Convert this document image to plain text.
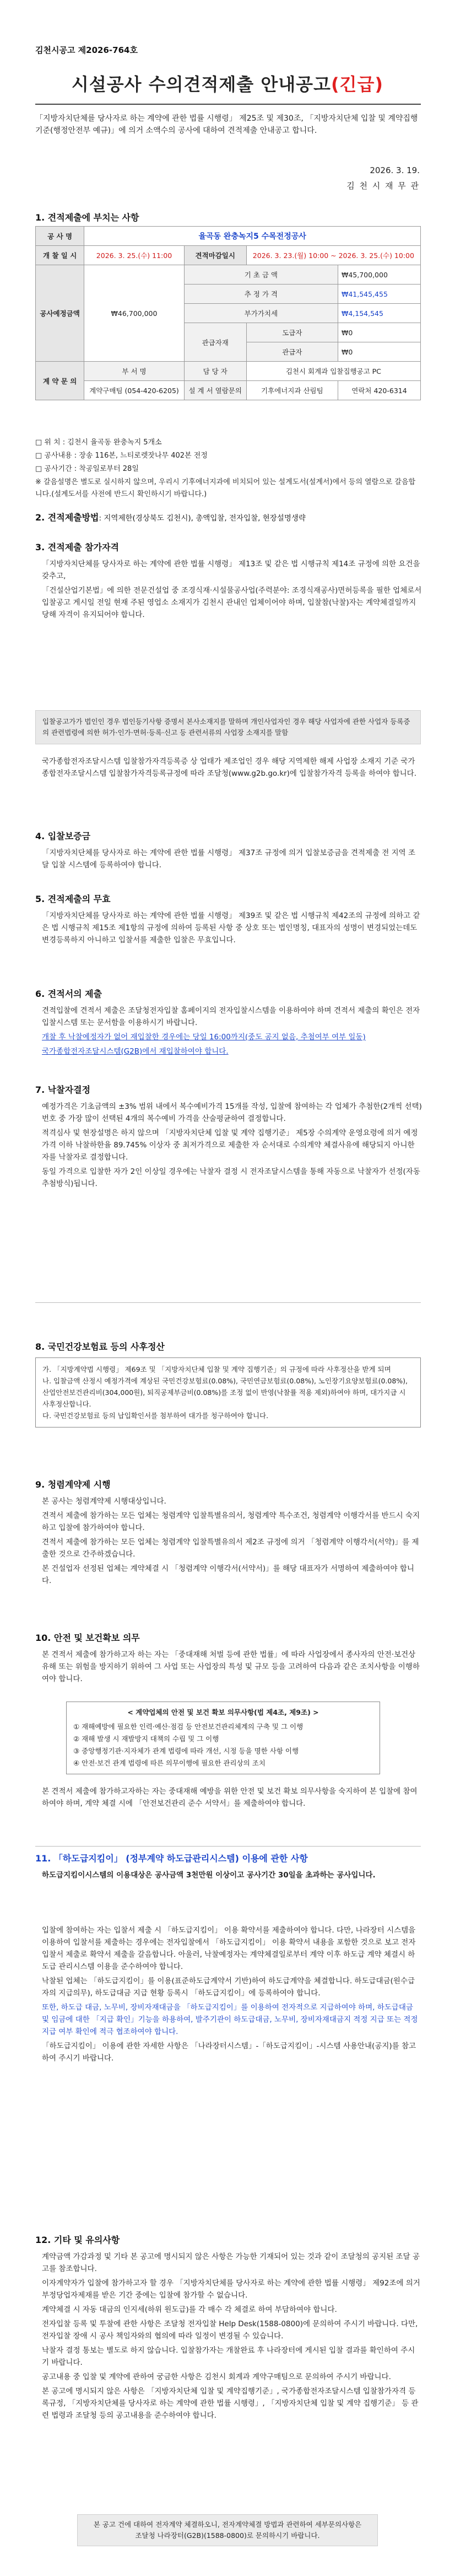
김천시공고 제2026-764호
시설공사 수의견적제출 안내공고(긴급)
「지방자치단체를 당사자로 하는 계약에 관한 법률 시행령」 제25조 및 제30조, 「지방자치단체 입찰 및 계약집행기준(행정안전부 예규)」에 의거 소액수의 공사에 대하여 견적제출 안내공고 합니다.
2026. 3. 19.
김 천 시 재 무 관
1. 견적제출에 부치는 사항
공 사 명	율곡동 완충녹지5 수목전정공사			
개 찰 일 시	2026. 3. 25.(수) 11:00	견적마감일시	2026. 3. 23.(월) 10:00 ~ 2026. 3. 25.(수) 10:00	
공사예정금액	₩46,700,000	기 초 금 액		₩45,700,000
		추 정 가 격		₩41,545,455
		부가가치세		₩4,154,545
		관급자재	도급자	₩0
			관급자	₩0
계 약 문 의	부 서 명	담 당 자	김천시 회계과 입찰집행공고 PC	
	계약구매팀 (054-420-6205)	설 계 서 열람문의	기후에너지과 산림팀	연락처 420-6314
□ 위 치 : 김천시 율곡동 완충녹지 5개소
□ 공사내용 : 장송 116본, 느티로렛잣나무 402본 전정
□ 공사기간 : 착공일로부터 28일
※ 갈음설명은 별도로 실시하지 않으며, 우리시 기후에너지과에 비치되어 있는 설계도서(설계서)에서 등의 열람으로 갈음합니다.(설계도서를 사전에 반드시 확인하시기 바랍니다.)
2. 견적제출방법: 지역제한(경상북도 김천시), 총액입찰, 전자입찰, 현장설명생략
3. 견적제출 참가자격
「지방자치단체를 당사자로 하는 계약에 관한 법률 시행령」 제13조 및 같은 법 시행규칙 제14조 규정에 의한 요건을 갖추고,
「건설산업기본법」에 의한 전문건설업 중 조경식재·시설물공사업(주력분야: 조경식재공사)면허등록을 필한 업체로서 입찰공고 게시일 전일 현재 주된 영업소 소재지가 김천시 관내인 업체이어야 하며, 입찰참(낙찰)자는 계약체결일까지 당해 자격이 유지되어야 합니다.
입찰공고가가 법인인 경우 법인등기사항 증명서 본사소재지를 말하며 개인사업자인 경우 해당 사업자에 관한 사업자 등록증의 관련법령에 의한 허가·인가·면허·등록·신고 등 관련서류의 사업장 소재지를 말함
국가종합전자조달시스템 입찰참가자격등록증 상 업태가 제조업인 경우 해당 지역제한 해제 사업장 소재지 기준 국가종합전자조달시스템 입찰참가자격등록규정에 따라 조달청(www.g2b.go.kr)에 입찰참가자격 등록을 하여야 합니다.
4. 입찰보증금
「지방자치단체를 당사자로 하는 계약에 관한 법률 시행령」 제37조 규정에 의거 입찰보증금을 견적제출 전 지역 조달 입찰 시스템에 등록하여야 합니다.
5. 견적제출의 무효
「지방자치단체를 당사자로 하는 계약에 관한 법률 시행령」 제39조 및 같은 법 시행규칙 제42조의 규정에 의하고 같은 법 시행규칙 제15조 제1항의 규정에 의하여 등록된 사항 중 상호 또는 법인명칭, 대표자의 성명이 변경되었는데도 변경등록하지 아니하고 입찰서를 제출한 입찰은 무효입니다.
6. 견적서의 제출
견적입찰에 견적서 제출은 조달청전자입찰 홈페이지의 전자입찰시스템을 이용하여야 하며 견적서 제출의 확인은 전자입찰시스템 또는 문서함을 이용하시기 바랍니다.
개찰 후 낙찰예정자가 없어 재입찰한 경우에는 당일 16:00까지(중도 공지 없음, 추첨여부 여부 일동)
국가종합전자조달시스템(G2B)에서 재입찰하여야 합니다.
7. 낙찰자결정
예정가격은 기초금액의 ±3% 범위 내에서 복수예비가격 15개를 작성, 입찰에 참여하는 각 업체가 추첨한(2개씩 선택) 번호 중 가장 많이 선택된 4개의 복수예비 가격을 산술평균하여 결정합니다.
적격심사 및 현장설명은 하지 않으며 「지방자치단체 입찰 및 계약 집행기준」 제5장 수의계약 운영요령에 의거 예정가격 이하 낙찰하한율 89.745% 이상자 중 최저가격으로 제출한 자 순서대로 수의계약 체결사유에 해당되지 아니한 자를 낙찰자로 결정합니다.
동일 가격으로 입찰한 자가 2인 이상일 경우에는 낙찰자 결정 시 전자조달시스템을 통해 자동으로 낙찰자가 선정(자동추첨방식)됩니다.
8. 국민건강보험료 등의 사후정산
가. 「지방계약법 시행령」 제69조 및 「지방자치단체 입찰 및 계약 집행기준」의 규정에 따라 사후정산을 받게 되며
나. 입찰금액 산정시 예정가격에 계상된 국민건강보험료(0.08%), 국민연금보험료(0.08%), 노인장기요양보험료(0.08%), 산업안전보건관리비(304,000원), 퇴직공제부금비(0.08%)를 조정 없이 반영(낙찰률 적용 제외)하여야 하며, 대가지급 시 사후정산합니다.
다. 국민건강보험료 등의 납입확인서를 첨부하여 대가를 청구하여야 합니다.
9. 청렴계약제 시행
본 공사는 청렴계약제 시행대상입니다.
견적서 제출에 참가하는 모든 업체는 청렴계약 입찰특별유의서, 청렴계약 특수조건, 청렴계약 이행각서를 반드시 숙지하고 입찰에 참가하여야 합니다.
견적서 제출에 참가하는 모든 업체는 청렴계약 입찰특별유의서 제2조 규정에 의거 「청렴계약 이행각서(서약)」를 제출한 것으로 간주하겠습니다.
본 건설업자 선정된 업체는 계약체결 시 「청렴계약 이행각서(서약서)」를 해당 대표자가 서명하여 제출하여야 합니다.
10. 안전 및 보건확보 의무
본 견적서 제출에 참가하고자 하는 자는 「중대재해 처벌 등에 관한 법률」에 따라 사업장에서 종사자의 안전·보건상 유해 또는 위험을 방지하기 위하여 그 사업 또는 사업장의 특성 및 규모 등을 고려하여 다음과 같은 조치사항을 이행하여야 합니다.
< 계약업체의 안전 및 보건 확보 의무사항(법 제4조, 제9조) >
① 재해예방에 필요한 인력·예산·점검 등 안전보건관리체계의 구축 및 그 이행
② 재해 발생 시 재발방지 대책의 수립 및 그 이행
③ 중앙행정기관·지자체가 관계 법령에 따라 개선, 시정 등을 명한 사항 이행
④ 안전·보건 관계 법령에 따른 의무이행에 필요한 관리상의 조치
본 견적서 제출에 참가하고자하는 자는 중대재해 예방을 위한 안전 및 보건 확보 의무사항을 숙지하여 본 입찰에 참여하여야 하며, 계약 체결 시에 「안전보건관리 준수 서약서」를 제출하여야 합니다.
11. 「하도급지킴이」 (정부계약 하도급관리시스템) 이용에 관한 사항
하도급지킴이시스템의 이용대상은 공사금액 3천만원 이상이고 공사기간 30일을 초과하는 공사입니다.
입찰에 참여하는 자는 입찰서 제출 시 「하도급지킴이」 이용 확약서를 제출하여야 합니다. 다만, 나라장터 시스템을 이용하여 입찰서를 제출하는 경우에는 전자입찰에서 「하도급지킴이」 이용 확약서 내용을 포함한 것으로 보고 전자입찰서 제출로 확약서 제출을 갈음합니다. 아울러, 낙찰예정자는 계약체결일로부터 계약 이후 하도급 계약 체결시 하도급 관리시스템 이용을 준수하여야 합니다.
낙찰된 업체는 「하도급지킴이」를 이용(표준하도급계약서 기반)하여 하도급계약을 체결합니다. 하도급대금(원수급자의 지급의무), 하도급대금 지급 현황 등록시 「하도급지킴이」에 등록하여야 합니다.
또한, 하도급 대금, 노무비, 장비자재대금을 「하도급지킴이」를 이용하여 전자적으로 지급하여야 하며, 하도급대금 및 임금에 대한 「지급 확인」기능을 하용하여, 발주기관이 하도급대금, 노무비, 장비자재대금지 적정 지급 또는 적정 지급 여부 확인에 적극 협조하여야 합니다.
「하도급지킴이」 이용에 관한 자세한 사항은 「나라장터시스템」-「하도급지킴이」-시스템 사용안내(공지)를 참고하여 주시기 바랍니다.
12. 기타 및 유의사항
계약금액 가감과정 및 기타 본 공고에 명시되지 않은 사항은 가능한 기재되어 있는 것과 같이 조달청의 공지된 조달 공고를 참조합니다.
이자계약자가 입찰에 참가하고자 할 경우 「지방자치단체를 당사자로 하는 계약에 관한 법률 시행령」 제92조에 의거 부정당업자제재를 받은 기간 중에는 입찰에 참가할 수 없습니다.
계약체결 시 자동 대금의 인지세(하위 원도급)를 각 매수 각 체결로 하여 부담하여야 합니다.
전자입찰 등록 및 투찰에 관한 사항은 조달청 전자입찰 Help Desk(1588-0800)에 문의하여 주시기 바랍니다. 다만, 전자입찰 장애 시 공사 책임자와의 협의에 따라 일정이 변경될 수 있습니다.
낙찰자 결정 통보는 별도로 하지 않습니다. 입찰참가자는 개찰완료 후 나라장터에 게시된 입찰 결과를 확인하여 주시기 바랍니다.
공고내용 중 입찰 및 계약에 관하여 궁금한 사항은 김천시 회계과 계약구매팀으로 문의하여 주시기 바랍니다.
본 공고에 명시되지 않은 사항은 「지방자치단체 입찰 및 계약집행기준」, 국가종합전자조달시스템 입찰참가자격 등록규정, 「지방자치단체를 당사자로 하는 계약에 관한 법률 시행령」, 「지방자치단체 입찰 및 계약 집행기준」 등 관련 법령과 조달청 등의 공고내용을 준수하여야 합니다.
본 공고 건에 대하여 전자계약 체결하오니, 전자계약체결 방법과 관련하여 세부문의사항은
조달청 나라장터(G2B)(1588-0800)로 문의하시기 바랍니다.
